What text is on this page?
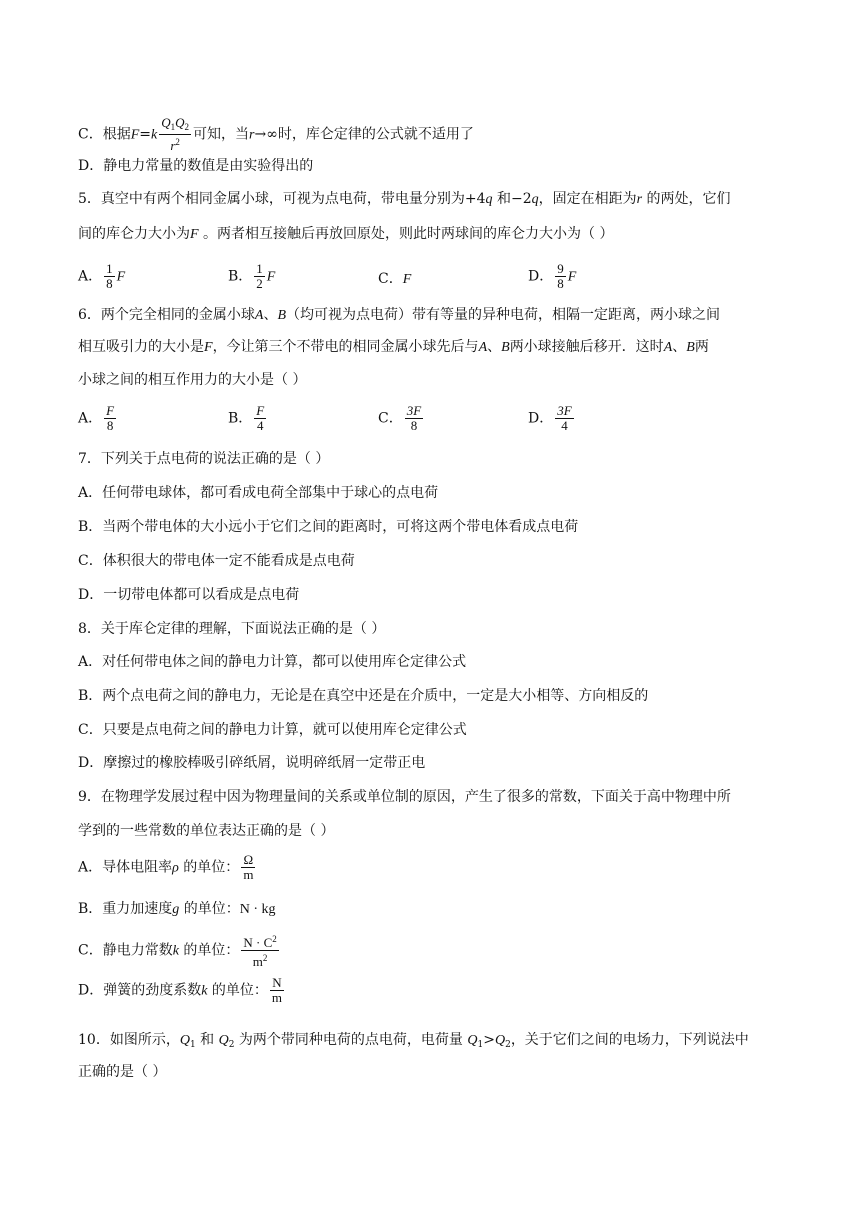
C．根据$F=k \frac{Q_1Q_2}{r^2}$ 可知，当r→∞时，库仑定律的公式就不适用了
D．静电力常量的数值是由实验得出的
5．真空中有两个相同金属小球，可视为点电荷，带电量分别为+4q 和−2q，固定在相距为r 的两处，它们
间的库仑力大小为F 。两者相互接触后再放回原处，则此时两球间的库仑力大小为（ ）
A． $\frac{1}{8}$ F	B． $\frac{1}{2}$ F	C．F	D． $\frac{9}{8}$ F
6．两个完全相同的金属小球A、B（均可视为点电荷）带有等量的异种电荷，相隔一定距离，两小球之间
相互吸引力的大小是F，今让第三个不带电的相同金属小球先后与A、B两小球接触后移开．这时A、B两
小球之间的相互作用力的大小是（ ）
A． $\frac{F}{8}$	B． $\frac{F}{4}$	C． $\frac{3F}{8}$	D． $\frac{3F}{4}$
7．下列关于点电荷的说法正确的是（ ）
A．任何带电球体，都可看成电荷全部集中于球心的点电荷
B．当两个带电体的大小远小于它们之间的距离时，可将这两个带电体看成点电荷
C．体积很大的带电体一定不能看成是点电荷
D．一切带电体都可以看成是点电荷
8．关于库仑定律的理解，下面说法正确的是（ ）
A．对任何带电体之间的静电力计算，都可以使用库仑定律公式
B．两个点电荷之间的静电力，无论是在真空中还是在介质中，一定是大小相等、方向相反的
C．只要是点电荷之间的静电力计算，就可以使用库仑定律公式
D．摩擦过的橡胶棒吸引碎纸屑，说明碎纸屑一定带正电
9．在物理学发展过程中因为物理量间的关系或单位制的原因，产生了很多的常数，下面关于高中物理中所
学到的一些常数的单位表达正确的是（ ）
A．导体电阻率ρ 的单位： $\frac{\Omega}{m}$
B．重力加速度g 的单位：N · kg
C．静电力常数k 的单位： $\frac{N \cdot C^2}{m^2}$
D．弹簧的劲度系数k 的单位： $\frac{N}{m}$
10．如图所示，$Q_1$ 和 $Q_2$ 为两个带同种电荷的点电荷，电荷量 $Q_1>Q_2$，关于它们之间的电场力，下列说法中
正确的是（ ）
